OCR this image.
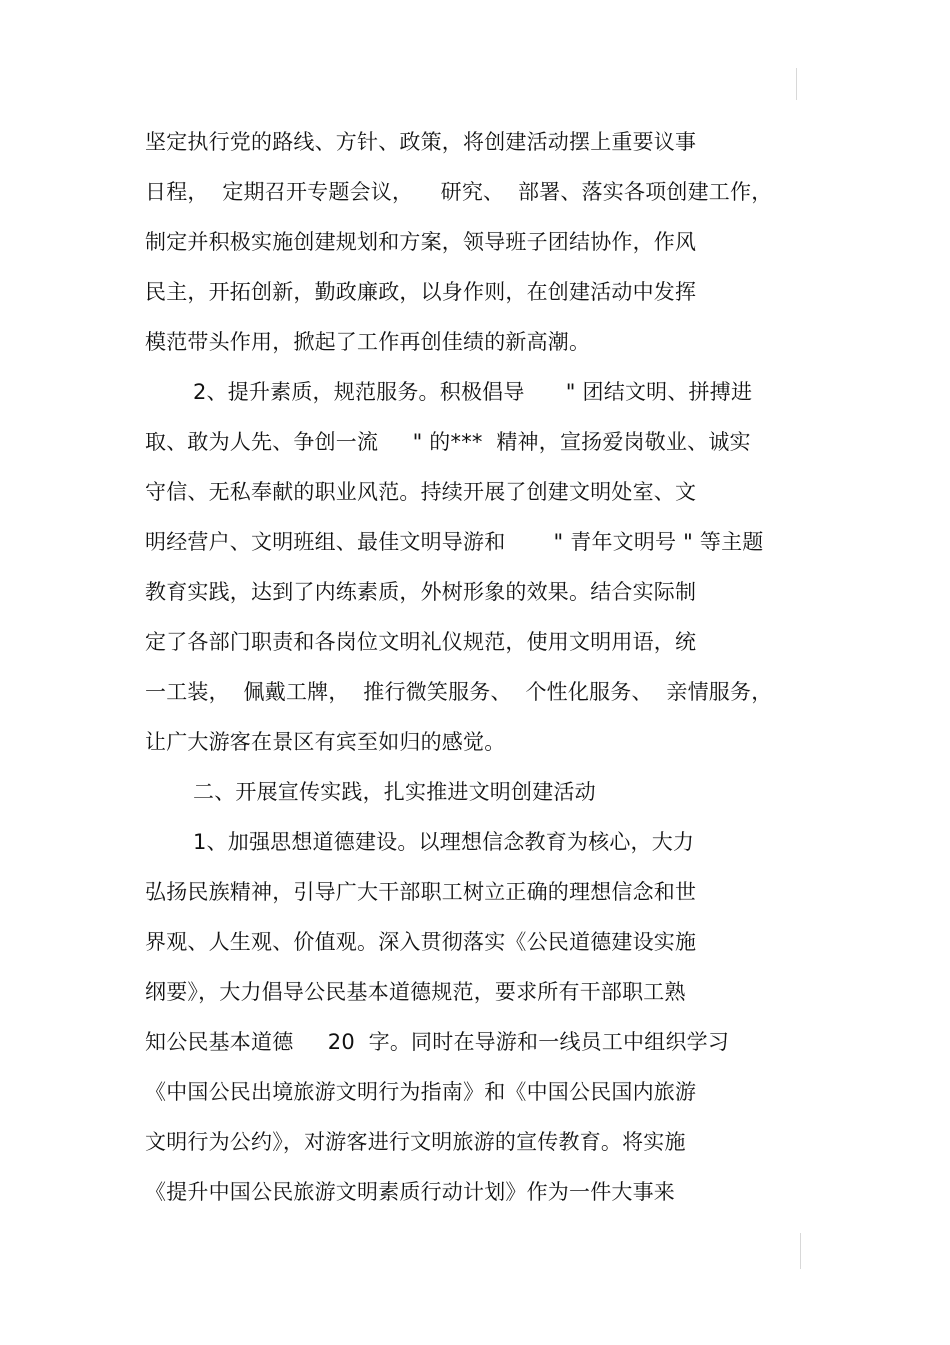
坚定执行党的路线、方针、政策，将创建活动摆上重要议事
日程，  定期召开专题会议，    研究、  部署、落实各项创建工作，
制定并积极实施创建规划和方案，领导班子团结协作，作风
民主，开拓创新，勤政廉政，以身作则，在创建活动中发挥
模范带头作用，掀起了工作再创佳绩的新高潮。
2、提升素质，规范服务。积极倡导      " 团结文明、拼搏进
取、敢为人先、争创一流     " 的***  精神，宣扬爱岗敬业、诚实
守信、无私奉献的职业风范。持续开展了创建文明处室、文
明经营户、文明班组、最佳文明导游和       " 青年文明号 " 等主题
教育实践，达到了内练素质，外树形象的效果。结合实际制
定了各部门职责和各岗位文明礼仪规范，使用文明用语，统
一工装，  佩戴工牌，  推行微笑服务、  个性化服务、  亲情服务，
让广大游客在景区有宾至如归的感觉。
二、开展宣传实践，扎实推进文明创建活动
1、加强思想道德建设。以理想信念教育为核心，大力
弘扬民族精神，引导广大干部职工树立正确的理想信念和世
界观、人生观、价值观。深入贯彻落实《公民道德建设实施
纲要》，大力倡导公民基本道德规范，要求所有干部职工熟
知公民基本道德     20  字。同时在导游和一线员工中组织学习
《中国公民出境旅游文明行为指南》和《中国公民国内旅游
文明行为公约》，对游客进行文明旅游的宣传教育。将实施
《提升中国公民旅游文明素质行动计划》作为一件大事来
